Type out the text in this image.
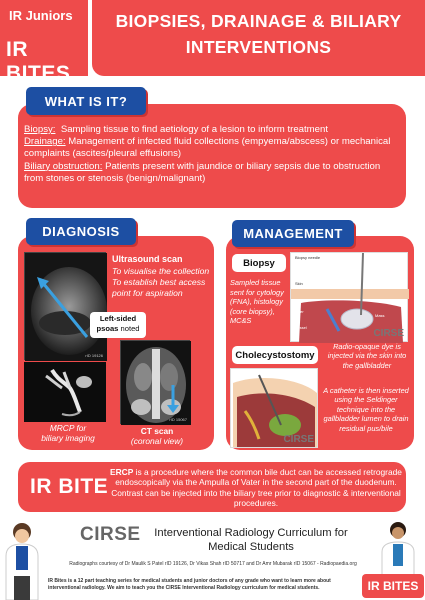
IR Juniors
IR BITES
BIOPSIES, DRAINAGE & BILIARY
INTERVENTIONS

Biopsy: Sampling tissue to find aetiology of a lesion to inform treatment

Drainage: Management of infected fluid collections (empyema/abscess) or mechanical complaints (ascites/pleural effusions)

Biliary obstruction: Patients present with jaundice or biliary sepsis due to obstruction from stones or stenosis (benign/malignant)

WHAT IS IT?
rID 19126
Ultrasound scan
To visualise the collection To establish best access point for aspiration
Left-sided
psoas noted
MRCP for
biliary imaging
rID 15067
CT scan
(coronal view)
DIAGNOSIS
Biopsy
Sampled tissue sent for cytology (FNA), histology (core biopsy), MC&S
Biopsy needle
Skin
Liver
Mass
Vessel
CIRSE
Cholecystostomy
Radio-opaque dye is injected via the skin into the gallbladder
CIRSE
A catheter is then inserted using the Seldinger technique into the gallbladder lumen to drain residual pus/bile
MANAGEMENT
IR BITE
ERCP is a procedure where the common bile duct can be accessed retrograde endoscopically via the Ampulla of Vater in the second part of the duodenum. Contrast can be injected into the biliary tree prior to diagnostic & interventional procedures.
CIRSE	Interventional Radiology Curriculum for
Medical Students
Radiographs courtesy of Dr Maulik S Patel rID 19126, Dr Vikas Shah rID 50717 and Dr Amr Mubarak rID 15067 - Radiopaedia.org
IR Bites is a 12 part teaching series for medical students and junior doctors of any grade who want to learn more about interventional radiology. We aim to teach you the CIRSE Interventional Radiology curriculum for medical students.	IR BITES
